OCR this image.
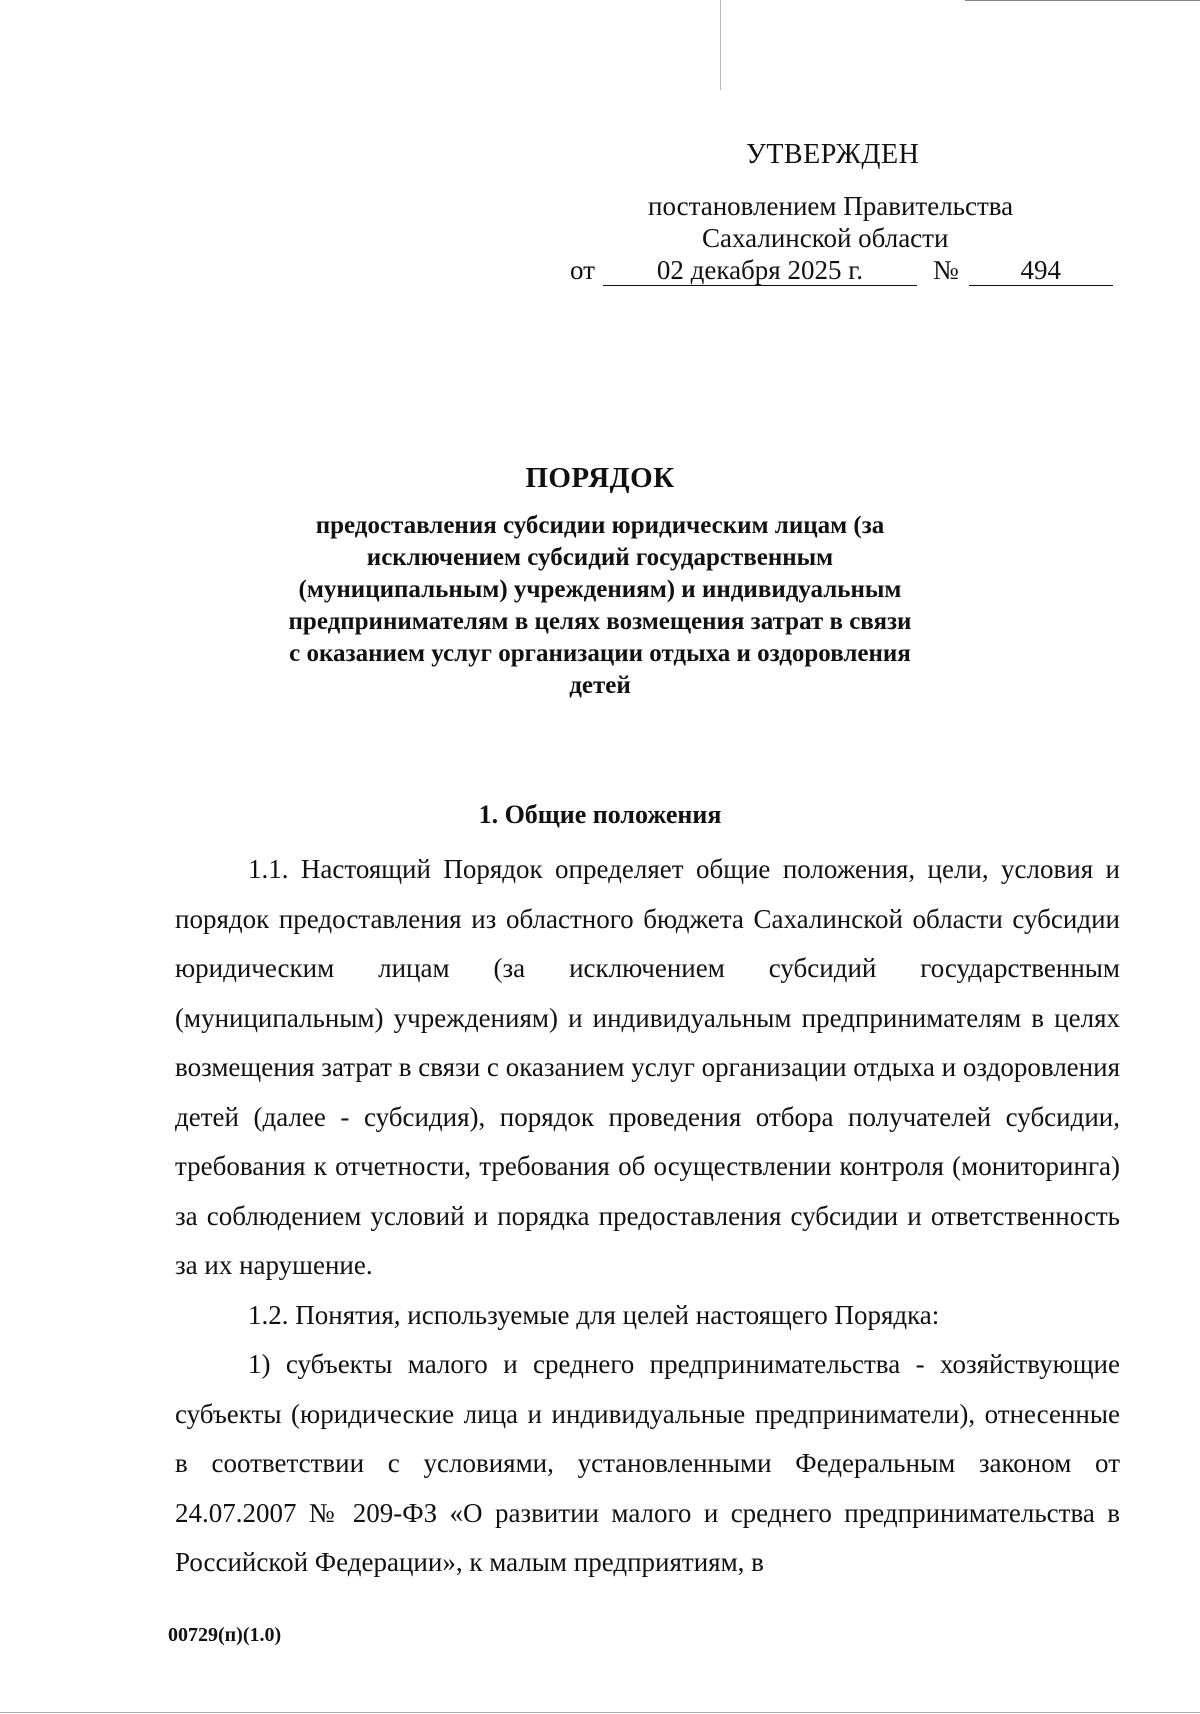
УТВЕРЖДЕН
постановлением Правительства
Сахалинской области
от 02 декабря 2025 г.	№ 494
ПОРЯДОК
предоставления субсидии юридическим лицам (за исключением субсидий государственным (муниципальным) учреждениям) и индивидуальным предпринимателям в целях возмещения затрат в связи с оказанием услуг организации отдыха и оздоровления детей
1. Общие положения

1.1. Настоящий Порядок определяет общие положения, цели, условия и порядок предоставления из областного бюджета Сахалинской области субсидии юридическим лицам (за исключением субсидий государственным (муниципальным) учреждениям) и индивидуальным предпринимателям в целях возмещения затрат в связи с оказанием услуг организации отдыха и оздоровления детей (далее - субсидия), порядок проведения отбора получателей субсидии, требования к отчетности, требования об осуществлении контроля (мониторинга) за соблюдением условий и порядка предоставления субсидии и ответственность за их нарушение.

1.2. Понятия, используемые для целей настоящего Порядка:

1) субъекты малого и среднего предпринимательства - хозяйствующие субъекты (юридические лица и индивидуальные предприниматели), отнесенные в соответствии с условиями, установленными Федеральным законом от 24.07.2007 № 209-ФЗ «О развитии малого и среднего предпринимательства в Российской Федерации», к малым предприятиям, в

00729(п)(1.0)
